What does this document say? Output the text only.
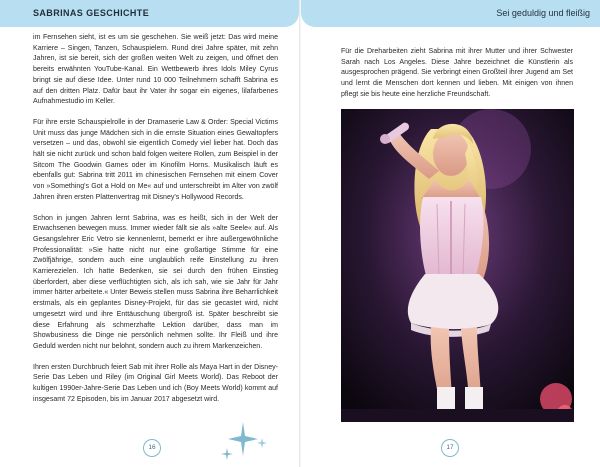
SABRINAS GESCHICHTE	Sei geduldig und fleißig

im Fernsehen sieht, ist es um sie geschehen. Sie weiß jetzt: Das wird meine Karriere – Singen, Tanzen, Schauspielern. Rund drei Jahre später, mit zehn Jahren, ist sie bereit, sich der großen weiten Welt zu zeigen, und öffnet den bereits erwähnten YouTube-Kanal. Ein Wettbewerb ihres Idols Miley Cyrus bringt sie auf diese Idee. Unter rund 10 000 Teilnehmern schafft Sabrina es auf den dritten Platz. Dafür baut ihr Vater ihr sogar ein eigenes, lilafarbenes Aufnahmestudio im Keller.

Für ihre erste Schauspielrolle in der Dramaserie Law & Order: Special Victims Unit muss das junge Mädchen sich in die ernste Situation eines Gewaltopfers versetzen – und das, obwohl sie eigentlich Comedy viel lieber hat. Doch das hält sie nicht zurück und schon bald folgen weitere Rollen, zum Beispiel in der Sitcom The Goodwin Games oder im Kinofilm Horns. Musikalisch läuft es ebenfalls gut: Sabrina tritt 2011 im chinesischen Fernsehen mit einem Cover von »Something's Got a Hold on Me« auf und unterschreibt im Alter von zwölf Jahren ihren ersten Plattenvertrag mit Disney's Hollywood Records.

Schon in jungen Jahren lernt Sabrina, was es heißt, sich in der Welt der Erwachsenen bewegen muss. Immer wieder fällt sie als »alte Seele« auf. Als Gesangslehrer Eric Vetro sie kennenlernt, bemerkt er ihre außergewöhnliche Professionalität: »Sie hatte nicht nur eine großartige Stimme für eine Zwölfjährige, sondern auch eine unglaublich reife Einstellung zu ihren Karrierezielen. Ich hatte Bedenken, sie sei durch den frühen Einstieg überfordert, aber diese verflüchtigten sich, als ich sah, wie sie Jahr für Jahr immer härter arbeitete.« Unter Beweis stellen muss Sabrina ihre Beharrlichkeit erstmals, als ein geplantes Disney-Projekt, für das sie gecastet wird, nicht umgesetzt wird und ihre Enttäuschung übergroß ist. Später beschreibt sie diese Erfahrung als schmerzhafte Lektion darüber, dass man im Showbusiness die Dinge nie persönlich nehmen sollte. Ihr Fleiß und ihre Geduld werden nicht nur belohnt, sondern auch zu ihrem Markenzeichen.

Ihren ersten Durchbruch feiert Sab mit ihrer Rolle als Maya Hart in der Disney-Serie Das Leben und Riley (im Original Girl Meets World). Das Reboot der kultigen 1990er-Jahre-Serie Das Leben und ich (Boy Meets World) kommt auf insgesamt 72 Episoden, bis im Januar 2017 abgesetzt wird.

Für die Dreharbeiten zieht Sabrina mit ihrer Mutter und ihrer Schwester Sarah nach Los Angeles. Diese Jahre bezeichnet die Künstlerin als ausgesprochen prägend. Sie verbringt einen Großteil ihrer Jugend am Set und lernt die Menschen dort kennen und lieben. Mit einigen von ihnen pflegt sie bis heute eine herzliche Freundschaft.

16	17
